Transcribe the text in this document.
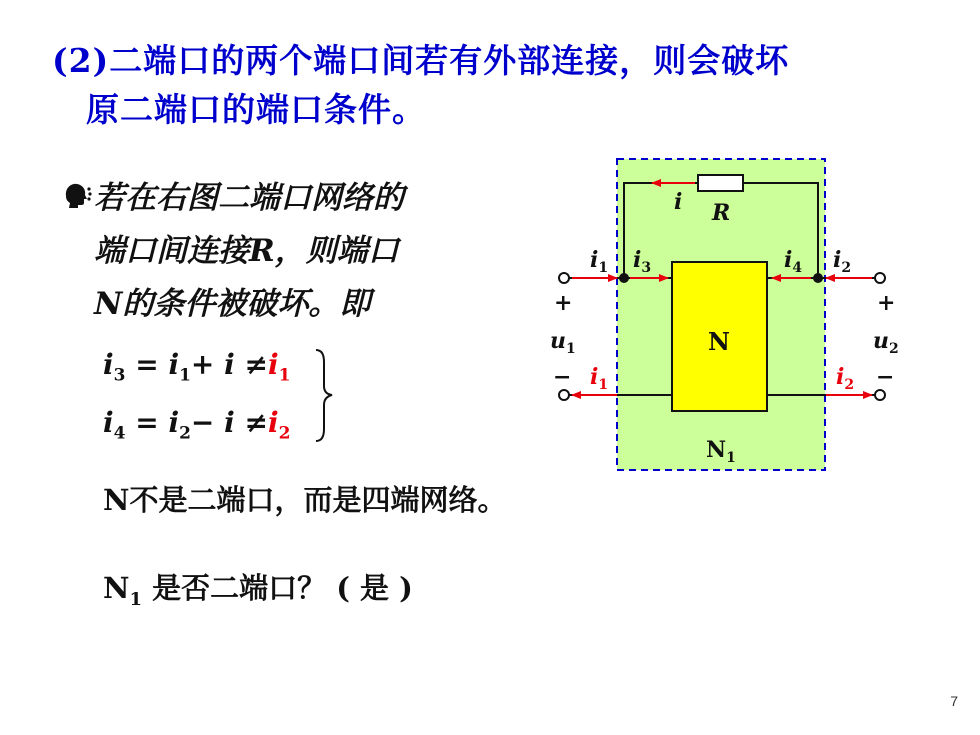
(2)二端口的两个端口间若有外部连接，则会破坏
原二端口的端口条件。
若在右图二端口网络的
端口间连接R，则端口
N的条件被破坏。即
$i_3 = i_1+ i \ne i_1$
$i_4 = i_2- i \ne i_2$
N不是二端口，而是四端网络。
$N_1$ 是否二端口？ ( 是 )
i R
N
$i_1$ $i_3$	$i_4$ $i_2$
$i_1$	$i_2$
+
$u_1$
−
+
$u_2$
−
$N_1$
7
